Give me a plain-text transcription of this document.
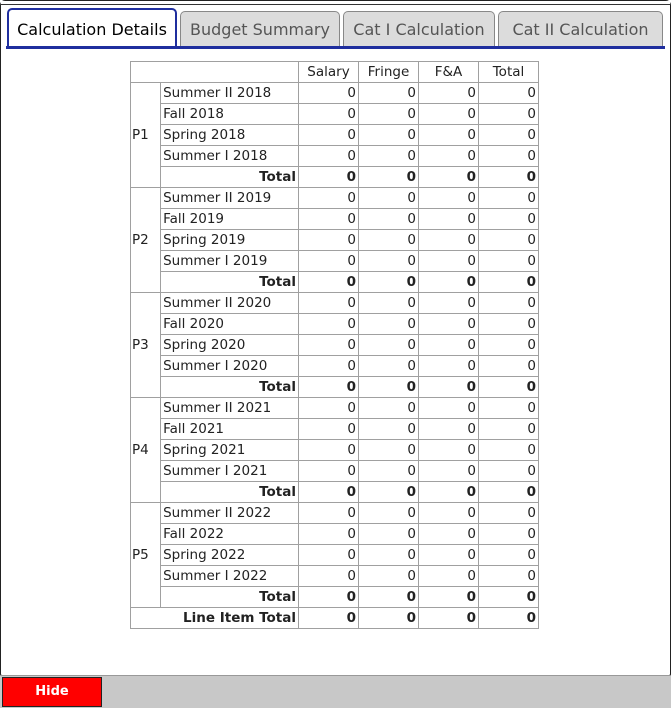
Calculation Details	Budget Summary	Cat I Calculation	Cat II Calculation
		Salary	Fringe	F&A	Total
P1	Summer II 2018	0	0	0	0
	Fall 2018	0	0	0	0
	Spring 2018	0	0	0	0
	Summer I 2018	0	0	0	0
	Total	0	0	0	0
P2	Summer II 2019	0	0	0	0
	Fall 2019	0	0	0	0
	Spring 2019	0	0	0	0
	Summer I 2019	0	0	0	0
	Total	0	0	0	0
P3	Summer II 2020	0	0	0	0
	Fall 2020	0	0	0	0
	Spring 2020	0	0	0	0
	Summer I 2020	0	0	0	0
	Total	0	0	0	0
P4	Summer II 2021	0	0	0	0
	Fall 2021	0	0	0	0
	Spring 2021	0	0	0	0
	Summer I 2021	0	0	0	0
	Total	0	0	0	0
P5	Summer II 2022	0	0	0	0
	Fall 2022	0	0	0	0
	Spring 2022	0	0	0	0
	Summer I 2022	0	0	0	0
	Total	0	0	0	0
Line Item Total		0	0	0	0
Hide
